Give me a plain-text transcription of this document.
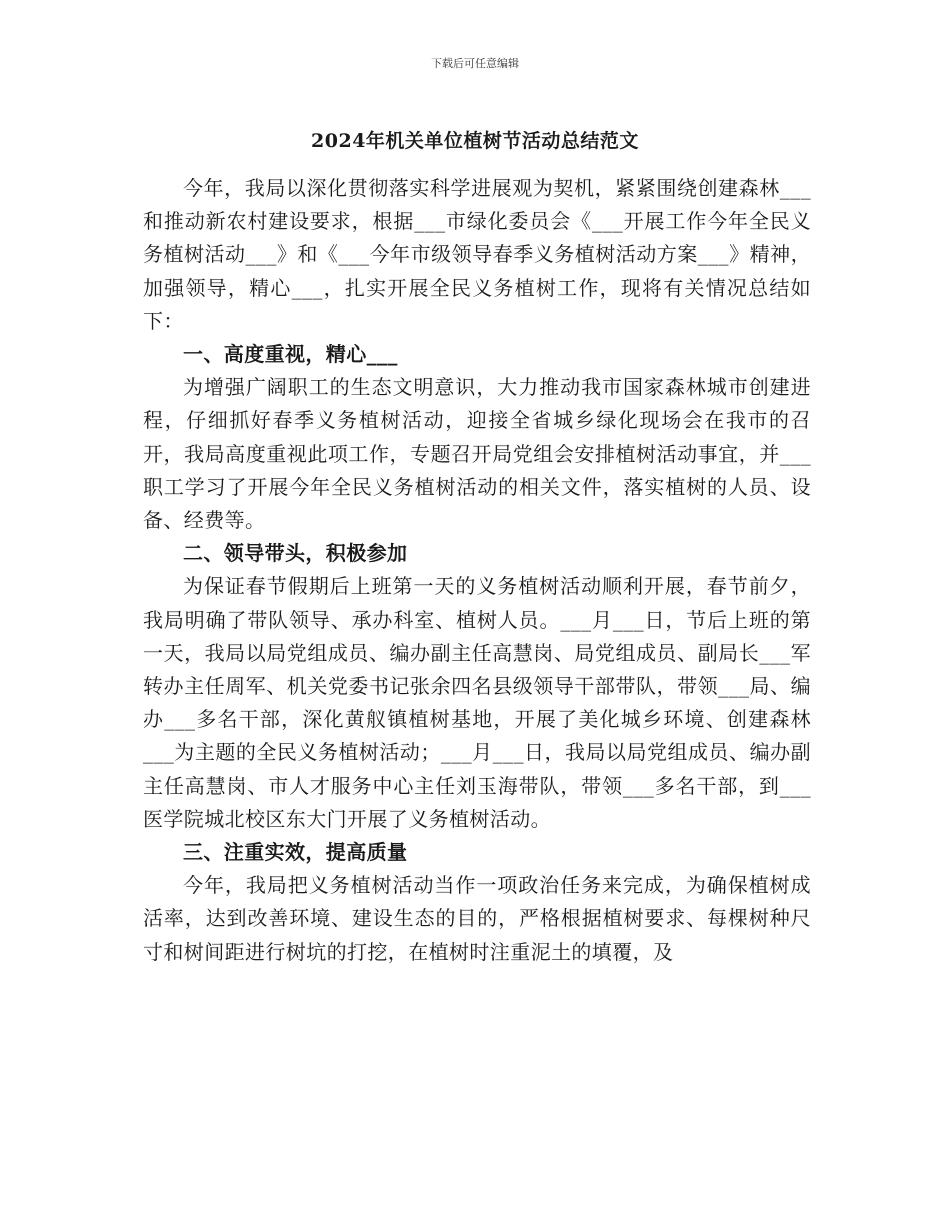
下载后可任意编辑
2024年机关单位植树节活动总结范文

今年，我局以深化贯彻落实科学进展观为契机，紧紧围绕创建森林___和推动新农村建设要求，根据___市绿化委员会《___开展工作今年全民义务植树活动___》和《___今年市级领导春季义务植树活动方案___》精神，加强领导，精心___，扎实开展全民义务植树工作，现将有关情况总结如下：

一、高度重视，精心___

为增强广阔职工的生态文明意识，大力推动我市国家森林城市创建进程，仔细抓好春季义务植树活动，迎接全省城乡绿化现场会在我市的召开，我局高度重视此项工作，专题召开局党组会安排植树活动事宜，并___职工学习了开展今年全民义务植树活动的相关文件，落实植树的人员、设备、经费等。

二、领导带头，积极参加

为保证春节假期后上班第一天的义务植树活动顺利开展，春节前夕，我局明确了带队领导、承办科室、植树人员。___月___日，节后上班的第一天，我局以局党组成员、编办副主任高慧岗、局党组成员、副局长___军转办主任周军、机关党委书记张余四名县级领导干部带队，带领___局、编办___多名干部，深化黄舣镇植树基地，开展了美化城乡环境、创建森林___为主题的全民义务植树活动；___月___日，我局以局党组成员、编办副主任高慧岗、市人才服务中心主任刘玉海带队，带领___多名干部，到___医学院城北校区东大门开展了义务植树活动。

三、注重实效，提高质量

今年，我局把义务植树活动当作一项政治任务来完成，为确保植树成活率，达到改善环境、建设生态的目的，严格根据植树要求、每棵树种尺寸和树间距进行树坑的打挖，在植树时注重泥土的填覆，及
